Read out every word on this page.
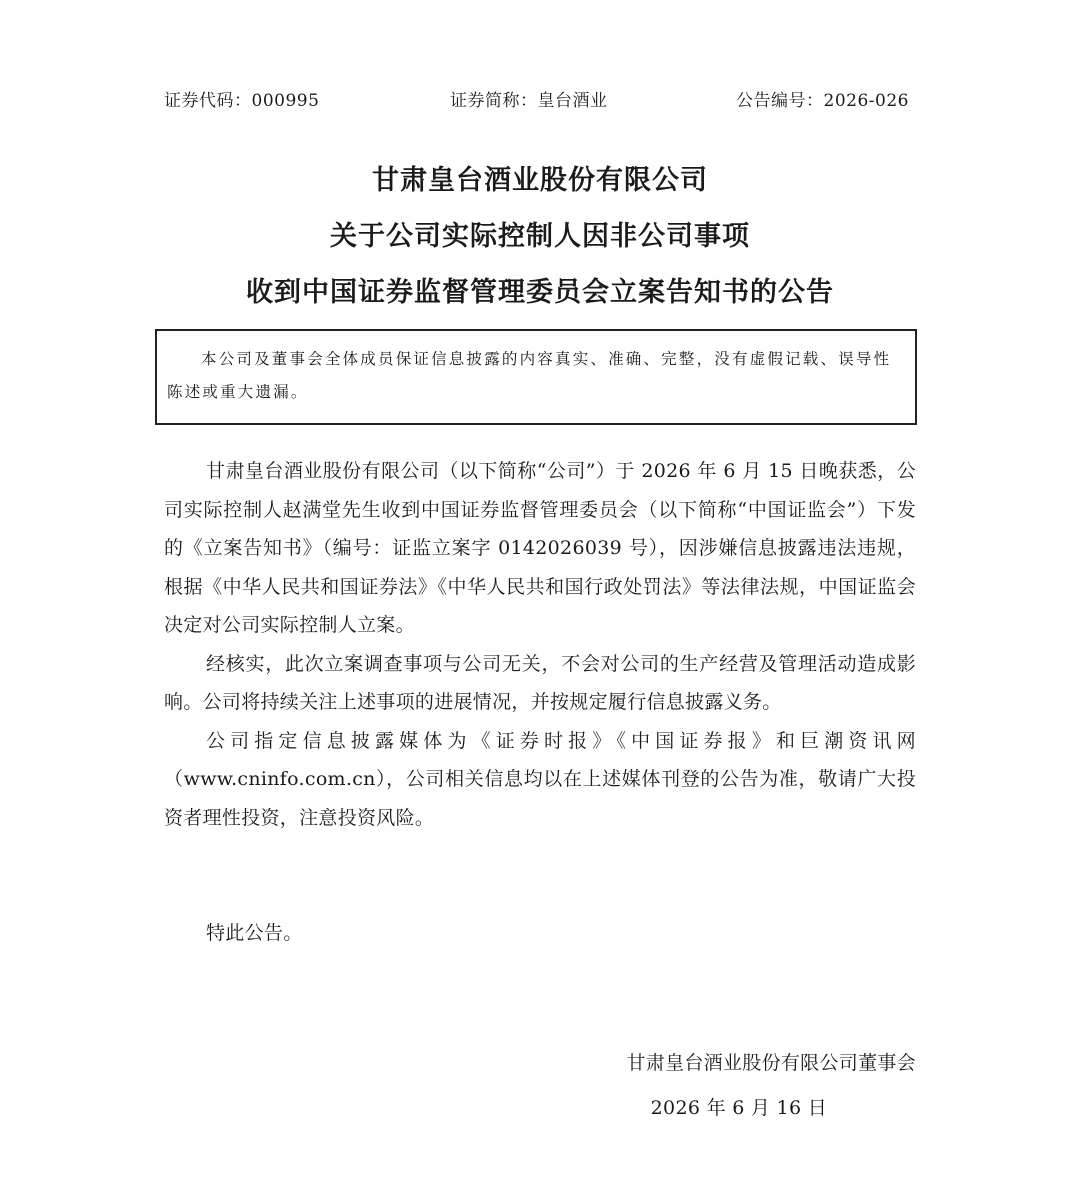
证券代码：000995	证券简称：皇台酒业	公告编号：2026-026
甘肃皇台酒业股份有限公司
关于公司实际控制人因非公司事项
收到中国证券监督管理委员会立案告知书的公告

本公司及董事会全体成员保证信息披露的内容真实、准确、完整，没有虚假记载、误导性陈述或重大遗漏。

甘肃皇台酒业股份有限公司（以下简称“公司”）于 2026 年 6 月 15 日晚获悉，公司实际控制人赵满堂先生收到中国证券监督管理委员会（以下简称“中国证监会”）下发的《立案告知书》（编号：证监立案字 0142026039 号），因涉嫌信息披露违法违规，根据《中华人民共和国证券法》《中华人民共和国行政处罚法》等法律法规，中国证监会决定对公司实际控制人立案。

经核实，此次立案调查事项与公司无关，不会对公司的生产经营及管理活动造成影响。公司将持续关注上述事项的进展情况，并按规定履行信息披露义务。

公司指定信息披露媒体为《证券时报》《中国证券报》和巨潮资讯网（www.cninfo.com.cn），公司相关信息均以在上述媒体刊登的公告为准，敬请广大投资者理性投资，注意投资风险。

特此公告。
甘肃皇台酒业股份有限公司董事会
2026 年 6 月 16 日
